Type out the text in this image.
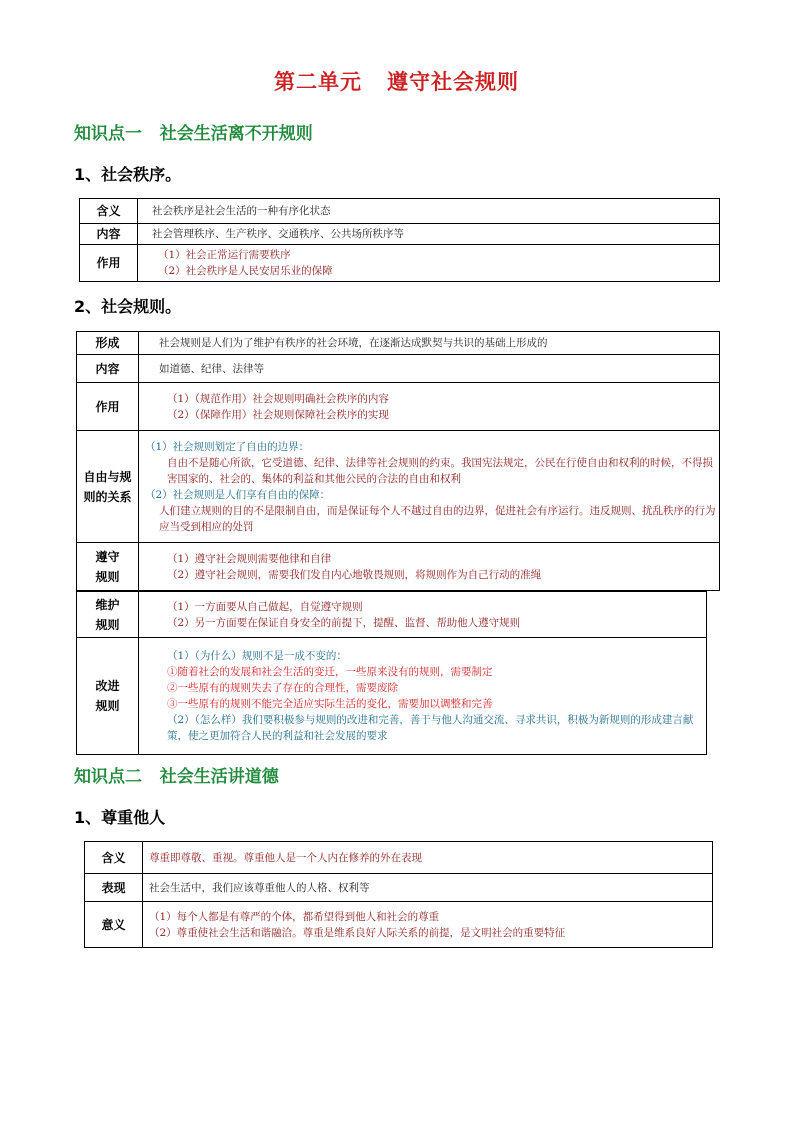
第二单元   遵守社会规则
知识点一   社会生活离不开规则
1、社会秩序。
含义	社会秩序是社会生活的一种有序化状态

内容	社会管理秩序、生产秩序、交通秩序、公共场所秩序等

作用	（1）社会正常运行需要秩序
（2）社会秩序是人民安居乐业的保障
2、社会规则。
形成	社会规则是人们为了维护有秩序的社会环境，在逐渐达成默契与共识的基础上形成的

内容	如道德、纪律、法律等

作用	（1）（规范作用）社会规则明确社会秩序的内容
（2）（保障作用）社会规则保障社会秩序的实现

自由与规
则的关系	（1）社会规则划定了自由的边界：
自由不是随心所欲，它受道德、纪律、法律等社会规则的约束。我国宪法规定，公民在行使自由和权利的时候，不得损害国家的、社会的、集体的利益和其他公民的合法的自由和权利
（2）社会规则是人们享有自由的保障：
人们建立规则的目的不是限制自由，而是保证每个人不越过自由的边界，促进社会有序运行。违反规则、扰乱秩序的行为应当受到相应的处罚

遵守
规则	（1）遵守社会规则需要他律和自律
（2）遵守社会规则，需要我们发自内心地敬畏规则，将规则作为自己行动的准绳
维护
规则	（1）一方面要从自己做起，自觉遵守规则
（2）另一方面要在保证自身安全的前提下，提醒、监督、帮助他人遵守规则

改进
规则	（1）（为什么）规则不是一成不变的：
①随着社会的发展和社会生活的变迁，一些原来没有的规则，需要制定
②一些原有的规则失去了存在的合理性，需要废除
③一些原有的规则不能完全适应实际生活的变化，需要加以调整和完善
（2）（怎么样）我们要积极参与规则的改进和完善，善于与他人沟通交流、寻求共识，积极为新规则的形成建言献策，使之更加符合人民的利益和社会发展的要求
知识点二   社会生活讲道德
1、尊重他人
含义	尊重即尊敬、重视。尊重他人是一个人内在修养的外在表现

表现	社会生活中，我们应该尊重他人的人格、权利等

意义	（1）每个人都是有尊严的个体，都希望得到他人和社会的尊重
（2）尊重使社会生活和谐融洽。尊重是维系良好人际关系的前提，是文明社会的重要特征
